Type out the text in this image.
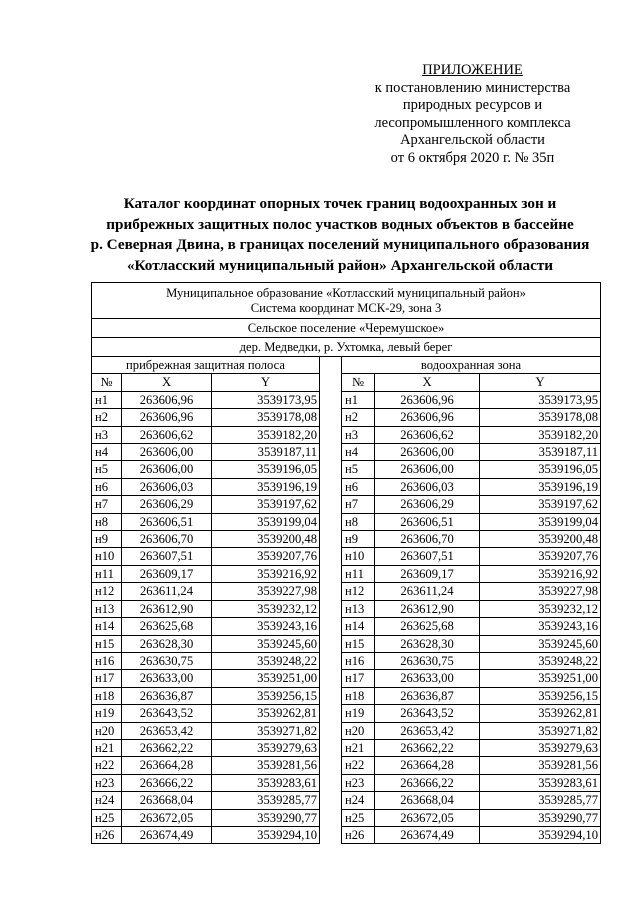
ПРИЛОЖЕНИЕ
к постановлению министерства
природных ресурсов и
лесопромышленного комплекса
Архангельской области
от 6 октября 2020 г. № 35п
Каталог координат опорных точек границ водоохранных зон и
прибрежных защитных полос участков водных объектов в бассейне
р. Северная Двина, в границах поселений муниципального образования
«Котласский муниципальный район» Архангельской области
Муниципальное образование «Котласский муниципальный район»
Система координат МСК-29, зона 3						

Сельское поселение «Черемушское»						
дер. Медведки, р. Ухтомка, левый берег						
прибрежная защитная полоса				водоохранная зона		
№	X	Y		№	X	Y
н1	263606,96	3539173,95		н1	263606,96	3539173,95
н2	263606,96	3539178,08		н2	263606,96	3539178,08
н3	263606,62	3539182,20		н3	263606,62	3539182,20
н4	263606,00	3539187,11		н4	263606,00	3539187,11
н5	263606,00	3539196,05		н5	263606,00	3539196,05
н6	263606,03	3539196,19		н6	263606,03	3539196,19
н7	263606,29	3539197,62		н7	263606,29	3539197,62
н8	263606,51	3539199,04		н8	263606,51	3539199,04
н9	263606,70	3539200,48		н9	263606,70	3539200,48
н10	263607,51	3539207,76		н10	263607,51	3539207,76
н11	263609,17	3539216,92		н11	263609,17	3539216,92
н12	263611,24	3539227,98		н12	263611,24	3539227,98
н13	263612,90	3539232,12		н13	263612,90	3539232,12
н14	263625,68	3539243,16		н14	263625,68	3539243,16
н15	263628,30	3539245,60		н15	263628,30	3539245,60
н16	263630,75	3539248,22		н16	263630,75	3539248,22
н17	263633,00	3539251,00		н17	263633,00	3539251,00
н18	263636,87	3539256,15		н18	263636,87	3539256,15
н19	263643,52	3539262,81		н19	263643,52	3539262,81
н20	263653,42	3539271,82		н20	263653,42	3539271,82
н21	263662,22	3539279,63		н21	263662,22	3539279,63
н22	263664,28	3539281,56		н22	263664,28	3539281,56
н23	263666,22	3539283,61		н23	263666,22	3539283,61
н24	263668,04	3539285,77		н24	263668,04	3539285,77
н25	263672,05	3539290,77		н25	263672,05	3539290,77
н26	263674,49	3539294,10		н26	263674,49	3539294,10
